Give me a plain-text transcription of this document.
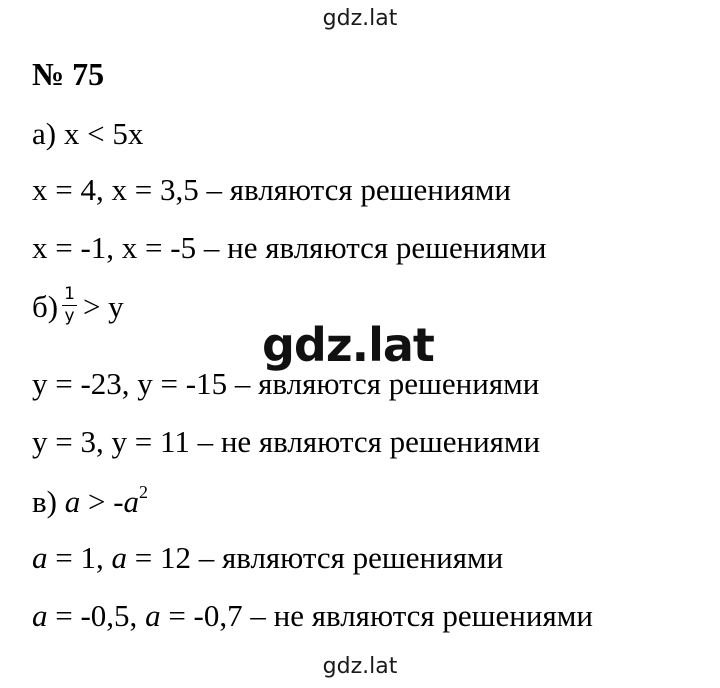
gdz.lat
№ 75
а) x < 5x
x = 4, x = 3,5 – являются решениями
x = -1, x = -5 – не являются решениями
$б) \frac{1}{y} > y$
y = -23, y = -15 – являются решениями
y = 3, y = 11 – не являются решениями
в) $a > -a^2$
a = 1, a = 12 – являются решениями
a = -0,5, a = -0,7 – не являются решениями
gdz.lat
gdz.lat
